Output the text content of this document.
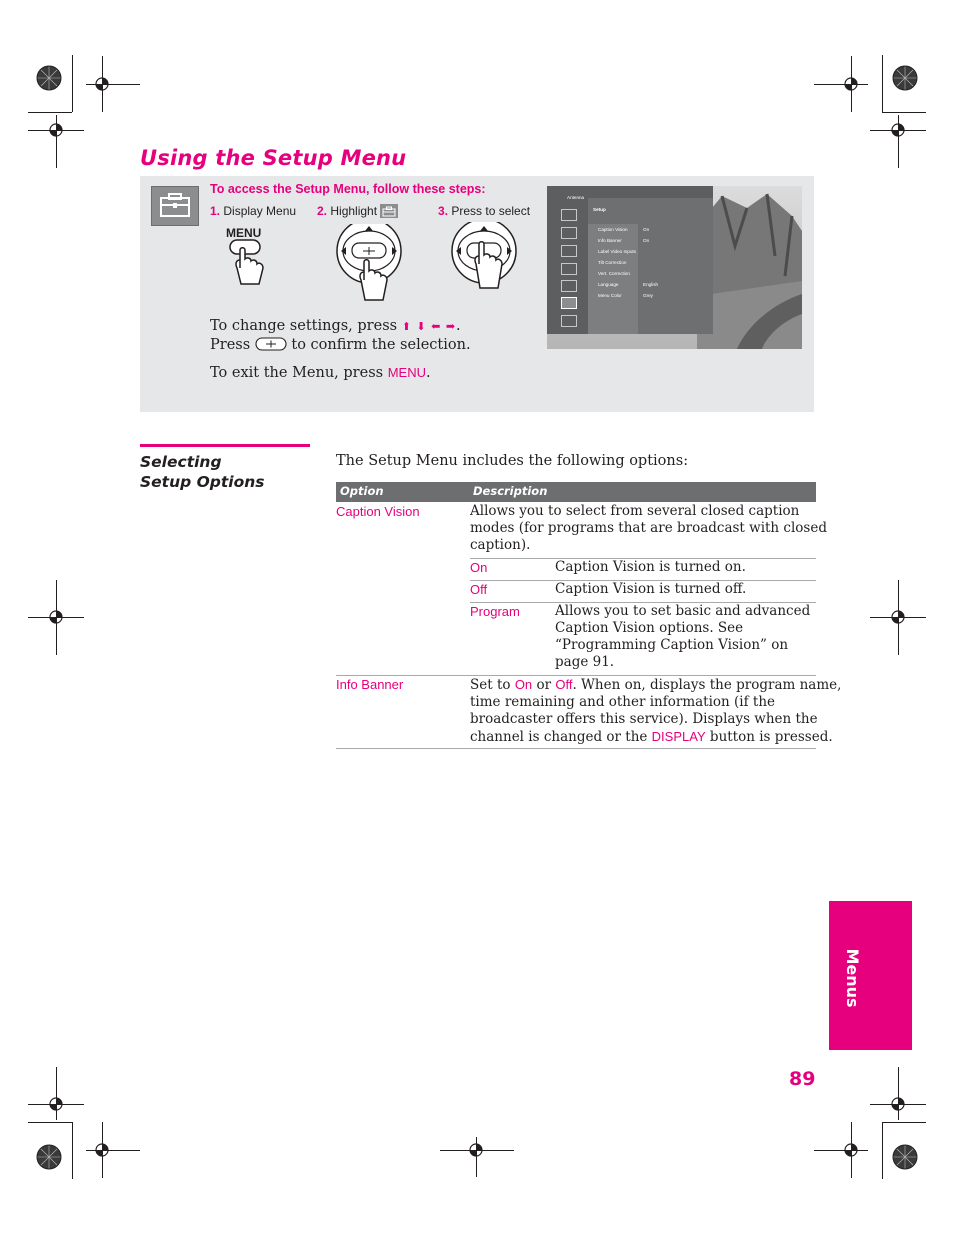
Using the Setup Menu
To access the Setup Menu, follow these steps:
1. Display Menu 2. Highlight	3. Press to select
MENU
To change settings, press ⬆ ⬇ ⬅ ➡.
Press	to confirm the selection.
To exit the Menu, press MENU.
Antenna
Setup
Caption Vision	On
Info Banner	On
Label Video Inputs
Tilt Correction
Vert. Correction
Language	English
Menu Color	Grey
Selecting
Setup Options
The Setup Menu includes the following options:
Option	Description
Caption Vision	Allows you to select from several closed caption
modes (for programs that are broadcast with closed
caption).
On	Caption Vision is turned on.
Off	Caption Vision is turned off.
Program	Allows you to set basic and advanced
Caption Vision options. See
“Programming Caption Vision” on
page 91.
Info Banner	Set to On or Off. When on, displays the program name,
time remaining and other information (if the
broadcaster offers this service). Displays when the
channel is changed or the DISPLAY button is pressed.
Menus
89
